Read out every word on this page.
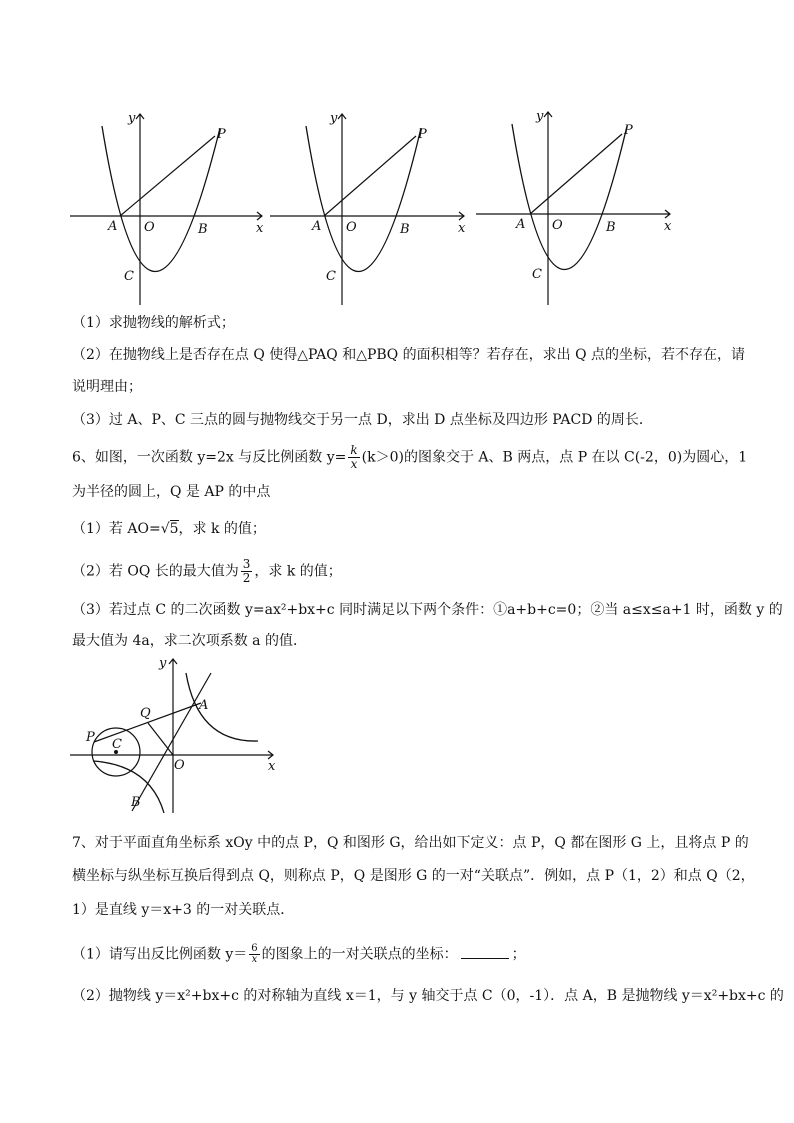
y
x
A O	B
C
P
y
x
A O	B
C
P
y
x
A O	B
C
P
（1）求抛物线的解析式；
（2）在抛物线上是否存在点 Q 使得△PAQ 和△PBQ 的面积相等？若存在，求出 Q 点的坐标，若不存在，请
说明理由；
（3）过 A、P、C 三点的圆与抛物线交于另一点 D，求出 D 点坐标及四边形 PACD 的周长．
6、如图，一次函数 y=2x 与反比例函数 $y= \frac{k}{x} (k>0)$的图象交于 A、B 两点，点 P 在以 C(-2，0)为圆心，1
为半径的圆上，Q 是 AP 的中点
（1）若 AO=√5，求 k 的值；
（2）若 OQ 长的最大值为 $\frac{3}{2}$ ，求 k 的值；
（3）若过点 C 的二次函数 y=ax²+bx+c 同时满足以下两个条件：①a+b+c=0；②当 a≤x≤a+1 时，函数 y 的
最大值为 4a，求二次项系数 a 的值．
y
x
Q
A
P C
O
B
7、对于平面直角坐标系 xOy 中的点 P，Q 和图形 G，给出如下定义：点 P，Q 都在图形 G 上，且将点 P 的
横坐标与纵坐标互换后得到点 Q，则称点 P，Q 是图形 G 的一对“关联点”．例如，点 P（1，2）和点 Q（2，
1）是直线 y＝x+3 的一对关联点．
（1）请写出反比例函数 $y= \frac{6}{x}$ 的图象上的一对关联点的坐标：	；
（2）抛物线 y＝x²+bx+c 的对称轴为直线 x＝1，与 y 轴交于点 C（0，-1）．点 A，B 是抛物线 y＝x²+bx+c 的
